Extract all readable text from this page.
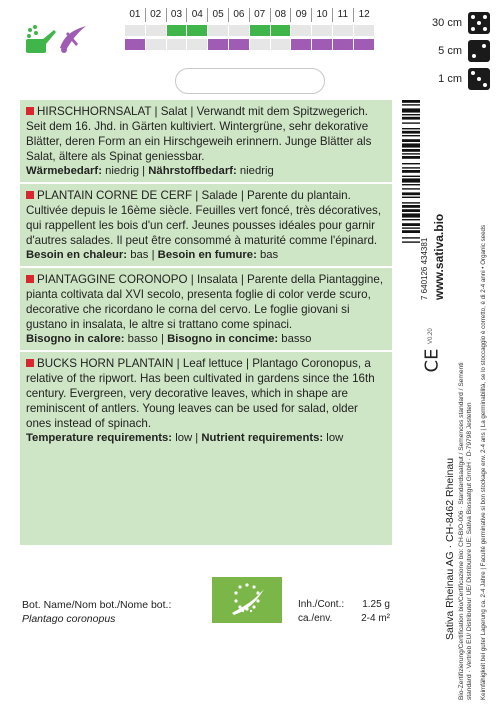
01 02 03 04 05 06 07 08 09 10	11	12
30 cm
5 cm
1 cm

HIRSCHHORNSALAT | Salat | Verwandt mit dem Spitzwegerich. Seit dem 16. Jhd. in Gärten kultiviert. Wintergrüne, sehr dekorative Blätter, deren Form an ein Hirschgeweih erinnern. Junge Blätter als Salat, ältere als Spinat geniessbar.

Wärmebedarf: niedrig | Nährstoffbedarf: niedrig

PLANTAIN CORNE DE CERF | Salade | Parente du plantain. Cultivée depuis le 16ème siècle. Feuilles vert foncé, très décoratives, qui rappellent les bois d'un cerf. Jeunes pousses idéales pour garnir d'autres salades. Il peut être consommé à maturité comme l'épinard.

Besoin en chaleur: bas | Besoin en fumure: bas

PIANTAGGINE CORONOPO | Insalata | Parente della Piantaggine, pianta coltivata dal XVI secolo, presenta foglie di color verde scuro, decorative che ricordano le corna del cervo. Le foglie giovani si gustano in insalata, le altre si trattano come spinaci.

Bisogno in calore: basso | Bisogno in concime: basso

BUCKS HORN PLANTAIN | Leaf lettuce | Plantago Coronopus, a relative of the ripwort. Has been cultivated in gardens since the 16th century. Evergreen, very decorative leaves, which in shape are reminiscent of antlers. Young leaves can be used for salad, older ones instead of spinach.

Temperature requirements: low | Nutrient requirements: low

Bot. Name/Nom bot./Nome bot.:
Plantago coronopus
Inh./Cont.: 1.25 g
ca./env.	2-4 m²
7 640126 434381 www.sativa.bio
V0.20
CE
Sativa Rheinau AG · CH-8462 Rheinau Bio-Zertifizierung/Certification bio/Certificazione bio: CH-BIO-006 · Standardsaatgut / Semences standard / Sementi standard · Vertrieb EU/ Distributeur UE/ Distributore UE: Sativa Biosaatgut GmbH · D-79798 Jestetten Keimfähigkeit bei guter Lagerung ca. 2-4 Jahre | Faculté germinative si bon stockage env. 2-4 ans | La germinabilità, se lo stoccaggio è corretto, è di 2-4 anni • Organic seeds
